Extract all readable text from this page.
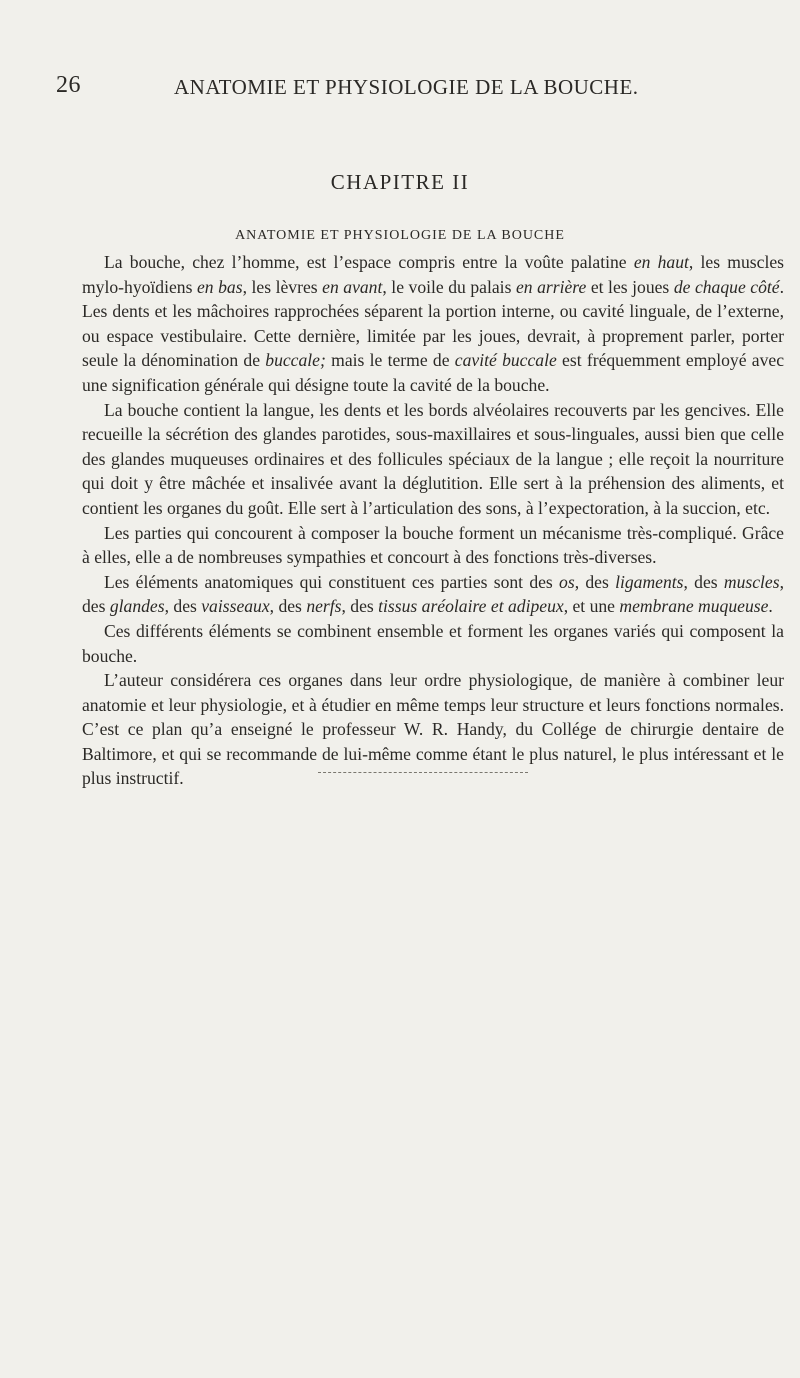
26	ANATOMIE ET PHYSIOLOGIE DE LA BOUCHE.
CHAPITRE II
ANATOMIE ET PHYSIOLOGIE DE LA BOUCHE

La bouche, chez l’homme, est l’espace compris entre la voûte palatine en haut, les muscles mylo-hyoïdiens en bas, les lèvres en avant, le voile du palais en arrière et les joues de chaque côté. Les dents et les mâchoires rapprochées séparent la portion interne, ou cavité linguale, de l’externe, ou espace vestibulaire. Cette dernière, limitée par les joues, devrait, à proprement parler, porter seule la dénomination de buccale; mais le terme de cavité buccale est fréquemment employé avec une signification générale qui désigne toute la cavité de la bouche.

La bouche contient la langue, les dents et les bords alvéolaires recouverts par les gencives. Elle recueille la sécrétion des glandes parotides, sous-maxillaires et sous-linguales, aussi bien que celle des glandes muqueuses ordinaires et des follicules spéciaux de la langue ; elle reçoit la nourriture qui doit y être mâchée et insalivée avant la déglutition. Elle sert à la préhension des aliments, et contient les organes du goût. Elle sert à l’articulation des sons, à l’expectoration, à la succion, etc.

Les parties qui concourent à composer la bouche forment un mécanisme très-compliqué. Grâce à elles, elle a de nombreuses sympathies et concourt à des fonctions très-diverses.

Les éléments anatomiques qui constituent ces parties sont des os, des ligaments, des muscles, des glandes, des vaisseaux, des nerfs, des tissus aréolaire et adipeux, et une membrane muqueuse.

Ces différents éléments se combinent ensemble et forment les organes variés qui composent la bouche.

L’auteur considérera ces organes dans leur ordre physiologique, de manière à combiner leur anatomie et leur physiologie, et à étudier en même temps leur structure et leurs fonctions normales. C’est ce plan qu’a enseigné le professeur W. R. Handy, du Collége de chirurgie dentaire de Baltimore, et qui se recommande de lui-même comme étant le plus naturel, le plus intéressant et le plus instructif.
